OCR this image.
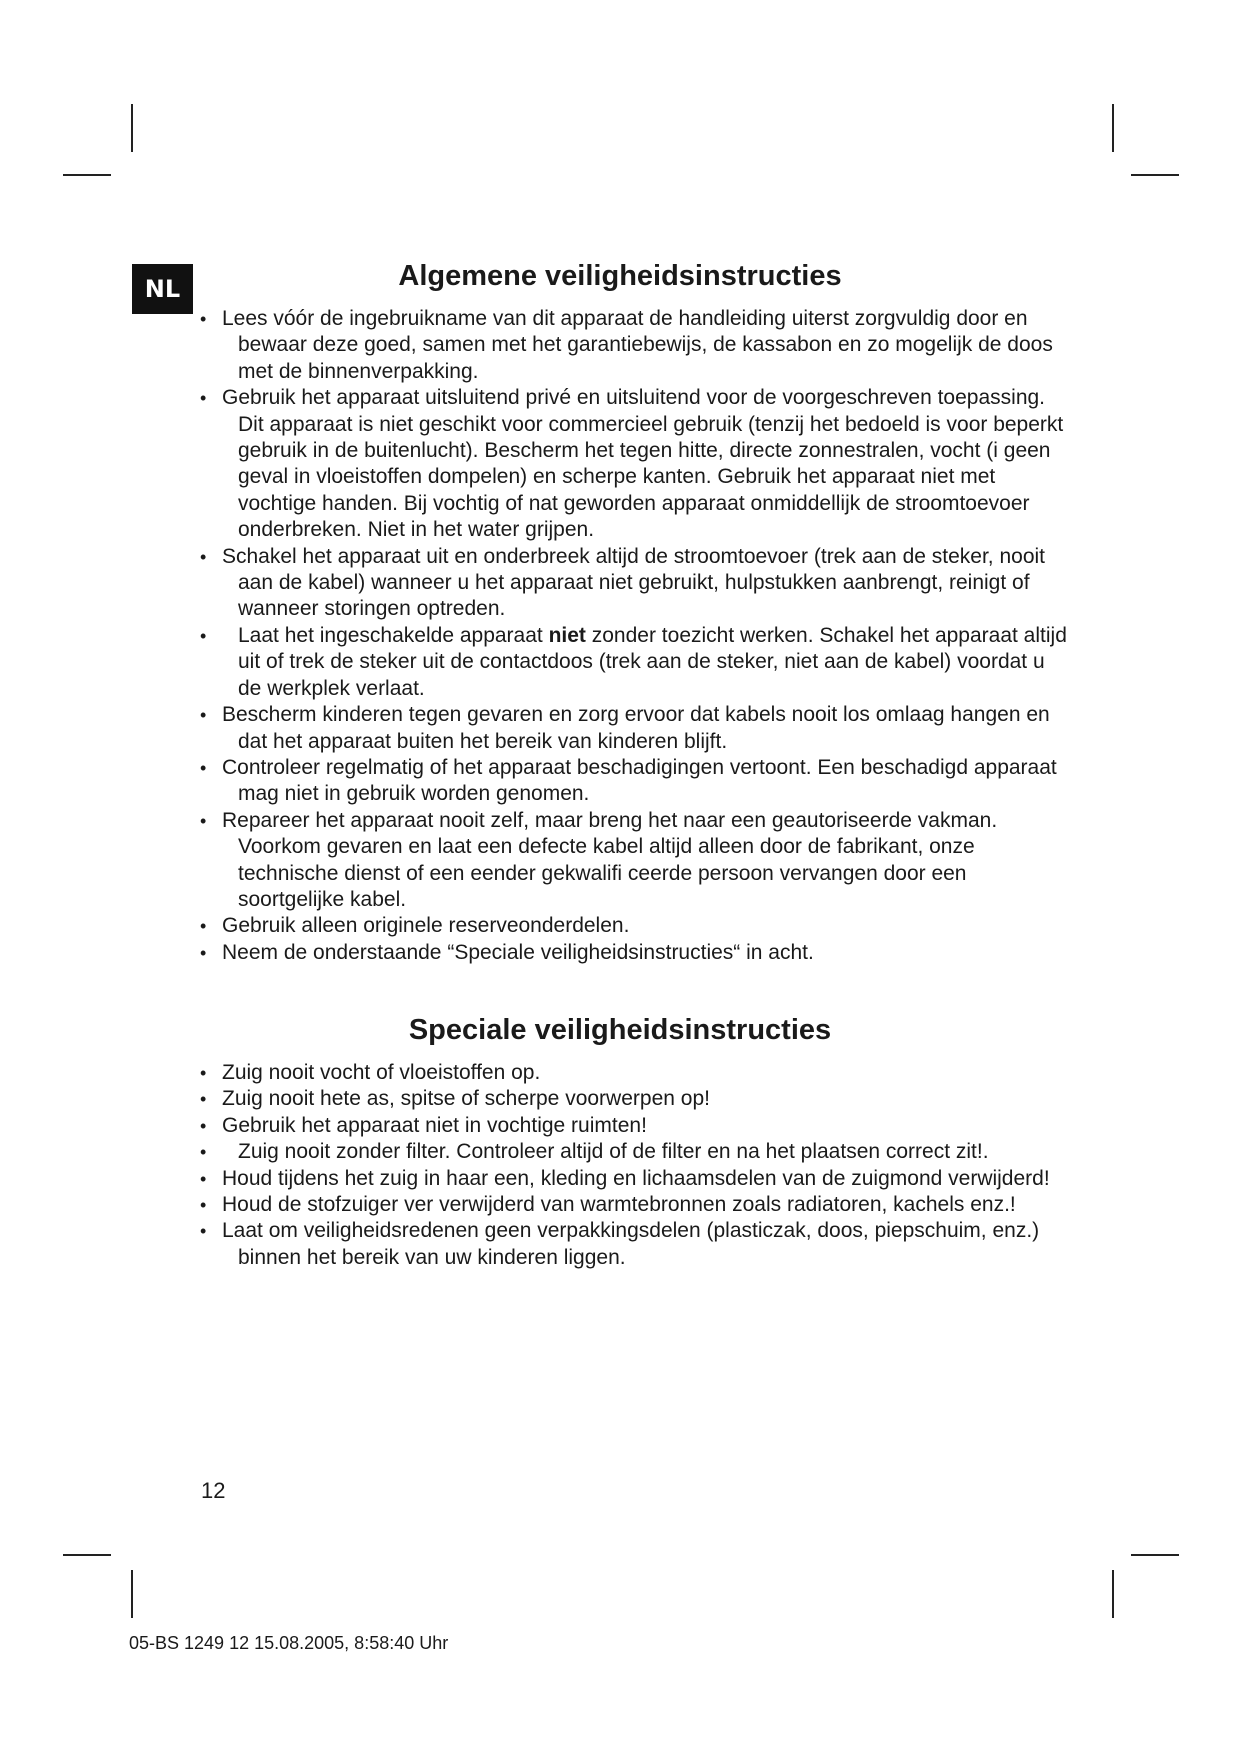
NL	Algemene veiligheidsinstructies
• Lees vóór de ingebruikname van dit apparaat de handleiding uiterst zorgvuldig door en bewaar deze goed, samen met het garantiebewijs, de kassabon en zo mogelijk de doos met de binnenverpakking.
• Gebruik het apparaat uitsluitend privé en uitsluitend voor de voorgeschreven toepassing. Dit apparaat is niet geschikt voor commercieel gebruik (tenzij het bedoeld is voor beperkt gebruik in de buitenlucht). Bescherm het tegen hitte, directe zonnestralen, vocht (i geen geval in vloeistoffen dompelen) en scherpe kanten. Gebruik het apparaat niet met vochtige handen. Bij vochtig of nat geworden apparaat onmiddellijk de stroomtoevoer onderbreken. Niet in het water grijpen.
• Schakel het apparaat uit en onderbreek altijd de stroomtoevoer (trek aan de steker, nooit aan de kabel) wanneer u het apparaat niet gebruikt, hulpstukken aanbrengt, reinigt of wanneer storingen optreden.
• Laat het ingeschakelde apparaat niet zonder toezicht werken. Schakel het apparaat altijd uit of trek de steker uit de contactdoos (trek aan de steker, niet aan de kabel) voordat u de werkplek verlaat.
• Bescherm kinderen tegen gevaren en zorg ervoor dat kabels nooit los omlaag hangen en dat het apparaat buiten het bereik van kinderen blijft.
• Controleer regelmatig of het apparaat beschadigingen vertoont. Een beschadigd apparaat mag niet in gebruik worden genomen.
• Repareer het apparaat nooit zelf, maar breng het naar een geautoriseerde vakman. Voorkom gevaren en laat een defecte kabel altijd alleen door de fabrikant, onze technische dienst of een eender gekwalifi ceerde persoon vervangen door een soortgelijke kabel.
• Gebruik alleen originele reserveonderdelen.
• Neem de onderstaande “Speciale veiligheidsinstructies“ in acht.
Speciale veiligheidsinstructies
• Zuig nooit vocht of vloeistoffen op.
• Zuig nooit hete as, spitse of scherpe voorwerpen op!
• Gebruik het apparaat niet in vochtige ruimten!
• Zuig nooit zonder filter. Controleer altijd of de filter en na het plaatsen correct zit!.
• Houd tijdens het zuig in haar een, kleding en lichaamsdelen van de zuigmond verwijderd!
• Houd de stofzuiger ver verwijderd van warmtebronnen zoals radiatoren, kachels enz.!
• Laat om veiligheidsredenen geen verpakkingsdelen (plasticzak, doos, piepschuim, enz.) binnen het bereik van uw kinderen liggen.
12
05-BS 1249 12 15.08.2005, 8:58:40 Uhr
